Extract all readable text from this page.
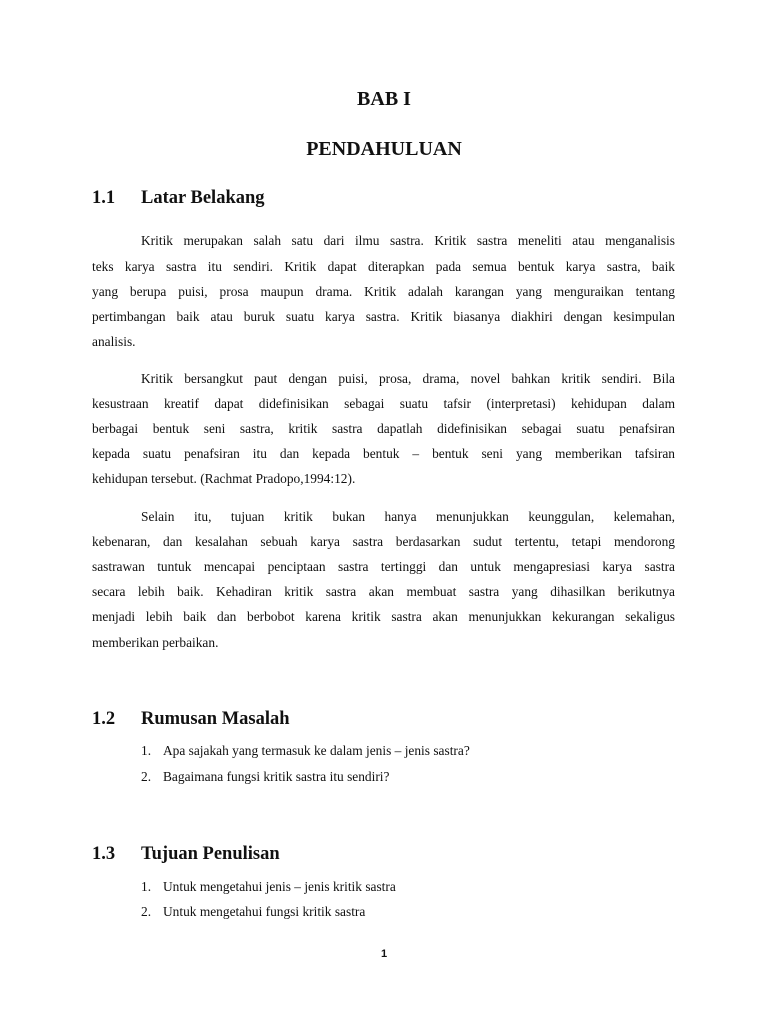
BAB I
PENDAHULUAN
1.1 Latar Belakang
Kritik merupakan salah satu dari ilmu sastra. Kritik sastra meneliti atau menganalisis
teks karya sastra itu sendiri. Kritik dapat diterapkan pada semua bentuk karya sastra, baik
yang berupa puisi, prosa maupun drama. Kritik adalah karangan yang menguraikan tentang
pertimbangan baik atau buruk suatu karya sastra. Kritik biasanya diakhiri dengan kesimpulan
analisis.
Kritik bersangkut paut dengan puisi, prosa, drama, novel bahkan kritik sendiri. Bila
kesustraan kreatif dapat didefinisikan sebagai suatu tafsir (interpretasi) kehidupan dalam
berbagai bentuk seni sastra, kritik sastra dapatlah didefinisikan sebagai suatu penafsiran
kepada suatu penafsiran itu dan kepada bentuk – bentuk seni yang memberikan tafsiran
kehidupan tersebut. (Rachmat Pradopo,1994:12).
Selain itu, tujuan kritik bukan hanya menunjukkan keunggulan, kelemahan,
kebenaran, dan kesalahan sebuah karya sastra berdasarkan sudut tertentu, tetapi mendorong
sastrawan tuntuk mencapai penciptaan sastra tertinggi dan untuk mengapresiasi karya sastra
secara lebih baik. Kehadiran kritik sastra akan membuat sastra yang dihasilkan berikutnya
menjadi lebih baik dan berbobot karena kritik sastra akan menunjukkan kekurangan sekaligus
memberikan perbaikan.
1.2 Rumusan Masalah
1. Apa sajakah yang termasuk ke dalam jenis – jenis sastra?
2. Bagaimana fungsi kritik sastra itu sendiri?
1.3 Tujuan Penulisan
1. Untuk mengetahui jenis – jenis kritik sastra
2. Untuk mengetahui fungsi kritik sastra
1
